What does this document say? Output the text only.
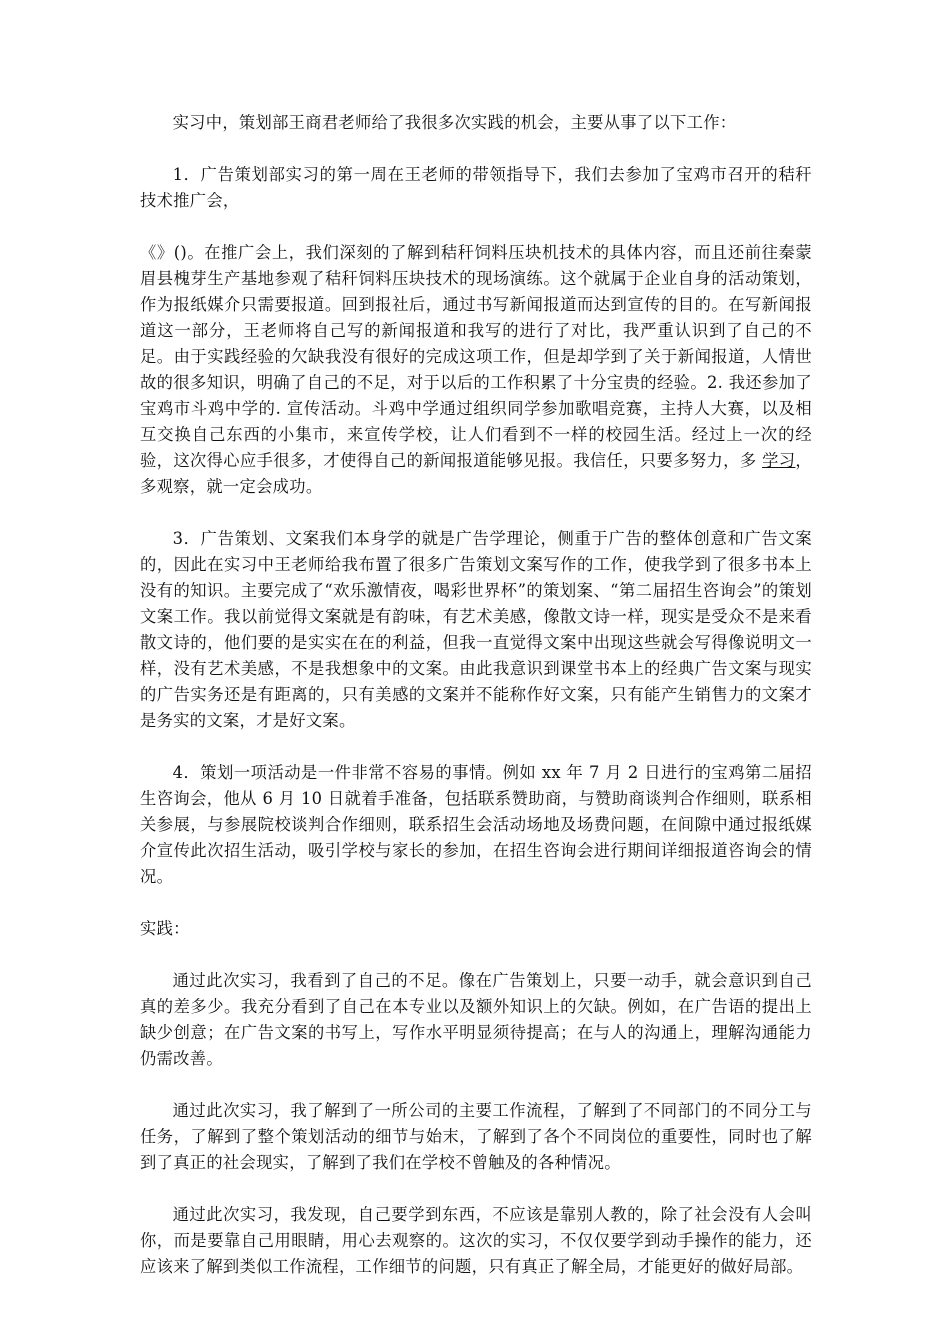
实习中，策划部王商君老师给了我很多次实践的机会，主要从事了以下工作：

1．广告策划部实习的第一周在王老师的带领指导下，我们去参加了宝鸡市召开的秸秆技术推广会，

《》()。在推广会上，我们深刻的了解到秸秆饲料压块机技术的具体内容，而且还前往秦蒙眉县槐芽生产基地参观了秸秆饲料压块技术的现场演练。这个就属于企业自身的活动策划，作为报纸媒介只需要报道。回到报社后，通过书写新闻报道而达到宣传的目的。在写新闻报道这一部分，王老师将自己写的新闻报道和我写的进行了对比，我严重认识到了自己的不足。由于实践经验的欠缺我没有很好的完成这项工作，但是却学到了关于新闻报道，人情世故的很多知识，明确了自己的不足，对于以后的工作积累了十分宝贵的经验。2. 我还参加了宝鸡市斗鸡中学的. 宣传活动。斗鸡中学通过组织同学参加歌唱竞赛，主持人大赛，以及相互交换自己东西的小集市，来宣传学校，让人们看到不一样的校园生活。经过上一次的经验，这次得心应手很多，才使得自己的新闻报道能够见报。我信任，只要多努力，多 学习，多观察，就一定会成功。

3．广告策划、文案我们本身学的就是广告学理论，侧重于广告的整体创意和广告文案的，因此在实习中王老师给我布置了很多广告策划文案写作的工作，使我学到了很多书本上没有的知识。主要完成了“欢乐激情夜，喝彩世界杯”的策划案、“第二届招生咨询会”的策划文案工作。我以前觉得文案就是有韵味，有艺术美感，像散文诗一样，现实是受众不是来看散文诗的，他们要的是实实在在的利益，但我一直觉得文案中出现这些就会写得像说明文一样，没有艺术美感，不是我想象中的文案。由此我意识到课堂书本上的经典广告文案与现实的广告实务还是有距离的，只有美感的文案并不能称作好文案，只有能产生销售力的文案才是务实的文案，才是好文案。

4．策划一项活动是一件非常不容易的事情。例如 xx 年 7 月 2 日进行的宝鸡第二届招生咨询会，他从 6 月 10 日就着手准备，包括联系赞助商，与赞助商谈判合作细则，联系相关参展，与参展院校谈判合作细则，联系招生会活动场地及场费问题，在间隙中通过报纸媒介宣传此次招生活动，吸引学校与家长的参加，在招生咨询会进行期间详细报道咨询会的情况。

实践：

通过此次实习，我看到了自己的不足。像在广告策划上，只要一动手，就会意识到自己真的差多少。我充分看到了自己在本专业以及额外知识上的欠缺。例如，在广告语的提出上缺少创意；在广告文案的书写上，写作水平明显须待提高；在与人的沟通上，理解沟通能力仍需改善。

通过此次实习，我了解到了一所公司的主要工作流程，了解到了不同部门的不同分工与任务，了解到了整个策划活动的细节与始末，了解到了各个不同岗位的重要性，同时也了解到了真正的社会现实，了解到了我们在学校不曾触及的各种情况。

通过此次实习，我发现，自己要学到东西，不应该是靠别人教的，除了社会没有人会叫你，而是要靠自己用眼睛，用心去观察的。这次的实习，不仅仅要学到动手操作的能力，还应该来了解到类似工作流程，工作细节的问题，只有真正了解全局，才能更好的做好局部。
